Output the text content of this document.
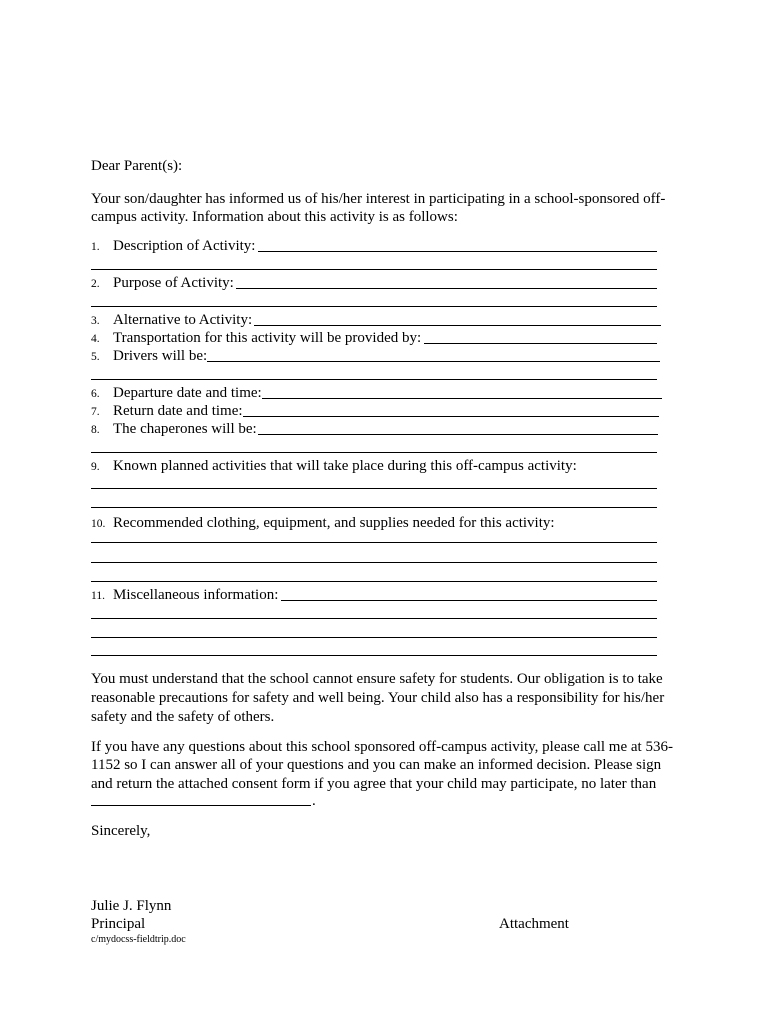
Dear Parent(s):
Your son/daughter has informed us of his/her interest in participating in a school-sponsored off-
campus activity. Information about this activity is as follows:
1. Description of Activity:
2. Purpose of Activity:
3. Alternative to Activity:
4. Transportation for this activity will be provided by:
5. Drivers will be:
6. Departure date and time:
7. Return date and time:
8. The chaperones will be:
9. Known planned activities that will take place during this off-campus activity:
10. Recommended clothing, equipment, and supplies needed for this activity:
11. Miscellaneous information:
You must understand that the school cannot ensure safety for students. Our obligation is to take
reasonable precautions for safety and well being. Your child also has a responsibility for his/her
safety and the safety of others.
If you have any questions about this school sponsored off-campus activity, please call me at 536-
1152 so I can answer all of your questions and you can make an informed decision. Please sign
and return the attached consent form if you agree that your child may participate, no later than
.
Sincerely,
Julie J. Flynn
Principal	Attachment
c/mydocss-fieldtrip.doc
